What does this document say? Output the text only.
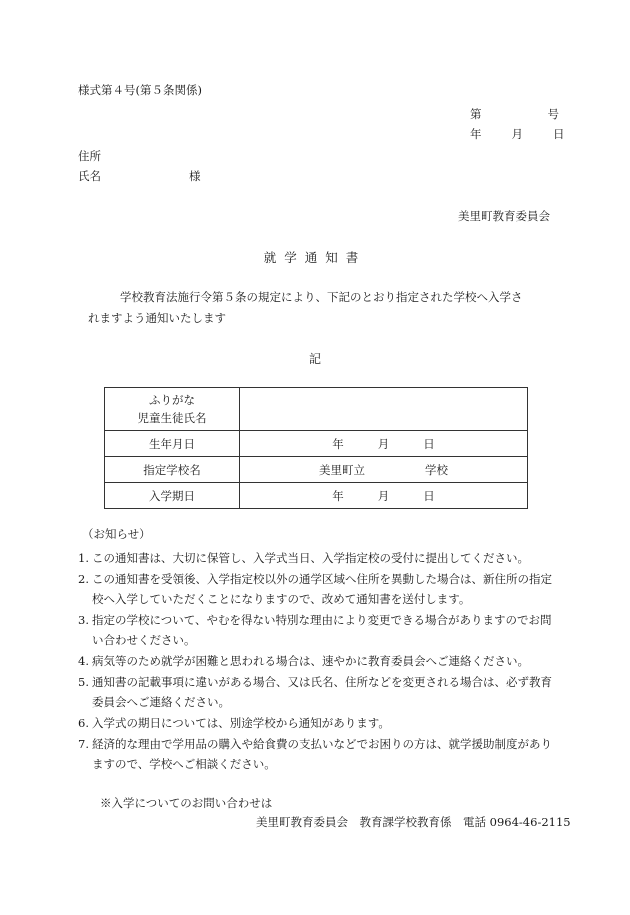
様式第４号(第５条関係)
第	号
年	月	日
住所
氏名	様
美里町教育委員会
就学通知書
学校教育法施行令第５条の規定により、下記のとおり指定された学校へ入学さ
れますよう通知いたします
記
ふりがな
児童生徒氏名	

生年月日	年 月 日
指定学校名	美里町立 学校
入学期日	年 月 日
（お知らせ）
1. この通知書は、大切に保管し、入学式当日、入学指定校の受付に提出してください。
2. この通知書を受領後、入学指定校以外の通学区域へ住所を異動した場合は、新住所の指定校へ入学していただくことになりますので、改めて通知書を送付します。
3. 指定の学校について、やむを得ない特別な理由により変更できる場合がありますのでお問い合わせください。
4. 病気等のため就学が困難と思われる場合は、速やかに教育委員会へご連絡ください。
5. 通知書の記載事項に違いがある場合、又は氏名、住所などを変更される場合は、必ず教育委員会へご連絡ください。
6. 入学式の期日については、別途学校から通知があります。
7. 経済的な理由で学用品の購入や給食費の支払いなどでお困りの方は、就学援助制度がありますので、学校へご相談ください。
※入学についてのお問い合わせは
美里町教育委員会　教育課学校教育係　電話 0964-46-2115
